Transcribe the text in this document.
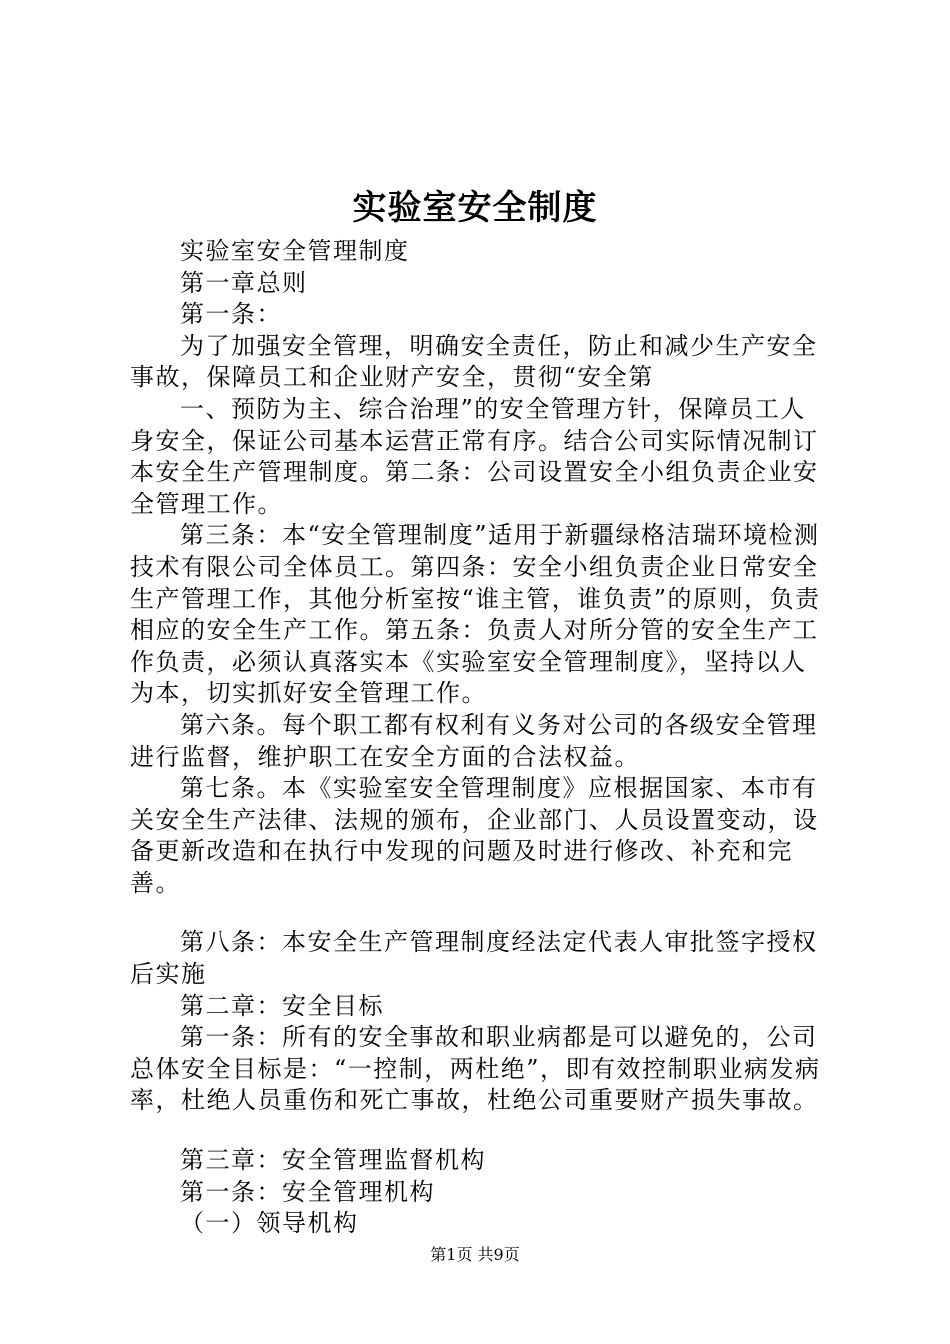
实验室安全制度

实验室安全管理制度

第一章总则

第一条：

为了加强安全管理，明确安全责任，防止和减少生产安全事故，保障员工和企业财产安全，贯彻“安全第

一、预防为主、综合治理”的安全管理方针，保障员工人身安全，保证公司基本运营正常有序。结合公司实际情况制订本安全生产管理制度。第二条：公司设置安全小组负责企业安全管理工作。

第三条：本“安全管理制度”适用于新疆绿格洁瑞环境检测技术有限公司全体员工。第四条：安全小组负责企业日常安全生产管理工作，其他分析室按“谁主管，谁负责”的原则，负责相应的安全生产工作。第五条：负责人对所分管的安全生产工作负责，必须认真落实本《实验室安全管理制度》，坚持以人为本，切实抓好安全管理工作。

第六条。每个职工都有权利有义务对公司的各级安全管理进行监督，维护职工在安全方面的合法权益。

第七条。本《实验室安全管理制度》应根据国家、本市有关安全生产法律、法规的颁布，企业部门、人员设置变动，设备更新改造和在执行中发现的问题及时进行修改、补充和完善。

第八条：本安全生产管理制度经法定代表人审批签字授权后实施

第二章：安全目标

第一条：所有的安全事故和职业病都是可以避免的，公司总体安全目标是：“一控制，两杜绝”，即有效控制职业病发病率，杜绝人员重伤和死亡事故，杜绝公司重要财产损失事故。

第三章：安全管理监督机构

第一条：安全管理机构

（一）领导机构

第1页 共9页
